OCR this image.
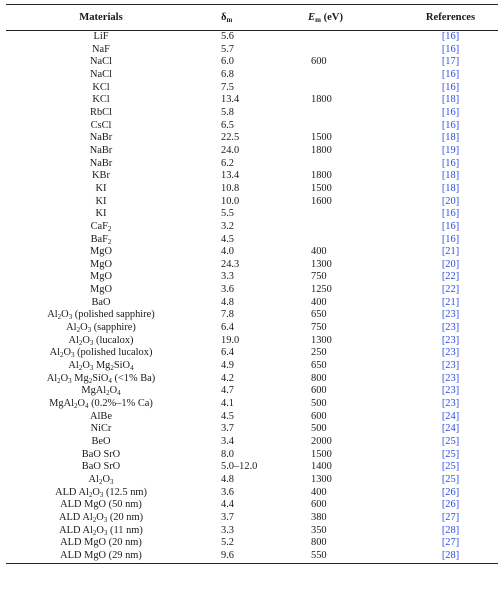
Materials	$\delta_m$	$E_m$ (eV)	References
LiF	5.6		[16]
NaF	5.7		[16]
NaCl	6.0	600	[17]
NaCl	6.8		[16]
KCl	7.5		[16]
KCl	13.4	1800	[18]
RbCl	5.8		[16]
CsCl	6.5		[16]
NaBr	22.5	1500	[18]
NaBr	24.0	1800	[19]
NaBr	6.2		[16]
KBr	13.4	1800	[18]
KI	10.8	1500	[18]
KI	10.0	1600	[20]
KI	5.5		[16]
CaF$_2$	3.2		[16]
BaF$_2$	4.5		[16]
MgO	4.0	400	[21]
MgO	24.3	1300	[20]
MgO	3.3	750	[22]
MgO	3.6	1250	[22]
BaO	4.8	400	[21]
$Al_2O_3$ (polished sapphire)	7.8	650	[23]
$Al_2O_3$ (sapphire)	6.4	750	[23]
$Al_2O_3$ (lucalox)	19.0	1300	[23]
$Al_2O_3$ (polished lucalox)	6.4	250	[23]
$Al_2O_3$ $Mg_2SiO_4$	4.9	650	[23]
$Al_2O_3$ $Mg_2SiO_4$ (<1% Ba)	4.2	800	[23]
$MgAl_2O_4$	4.7	600	[23]
$MgAl_2O_4$ (0.2%–1% Ca)	4.1	500	[23]
AlBe	4.5	600	[24]
NiCr	3.7	500	[24]
BeO	3.4	2000	[25]
BaO SrO	8.0	1500	[25]
BaO SrO	5.0–12.0	1400	[25]
$Al_2O_3$	4.8	1300	[25]
ALD $Al_2O_3$ (12.5 nm)	3.6	400	[26]
ALD MgO (50 nm)	4.4	600	[26]
ALD $Al_2O_3$ (20 nm)	3.7	380	[27]
ALD $Al_2O_3$ (11 nm)	3.3	350	[28]
ALD MgO (20 nm)	5.2	800	[27]
ALD MgO (29 nm)	9.6	550	[28]
